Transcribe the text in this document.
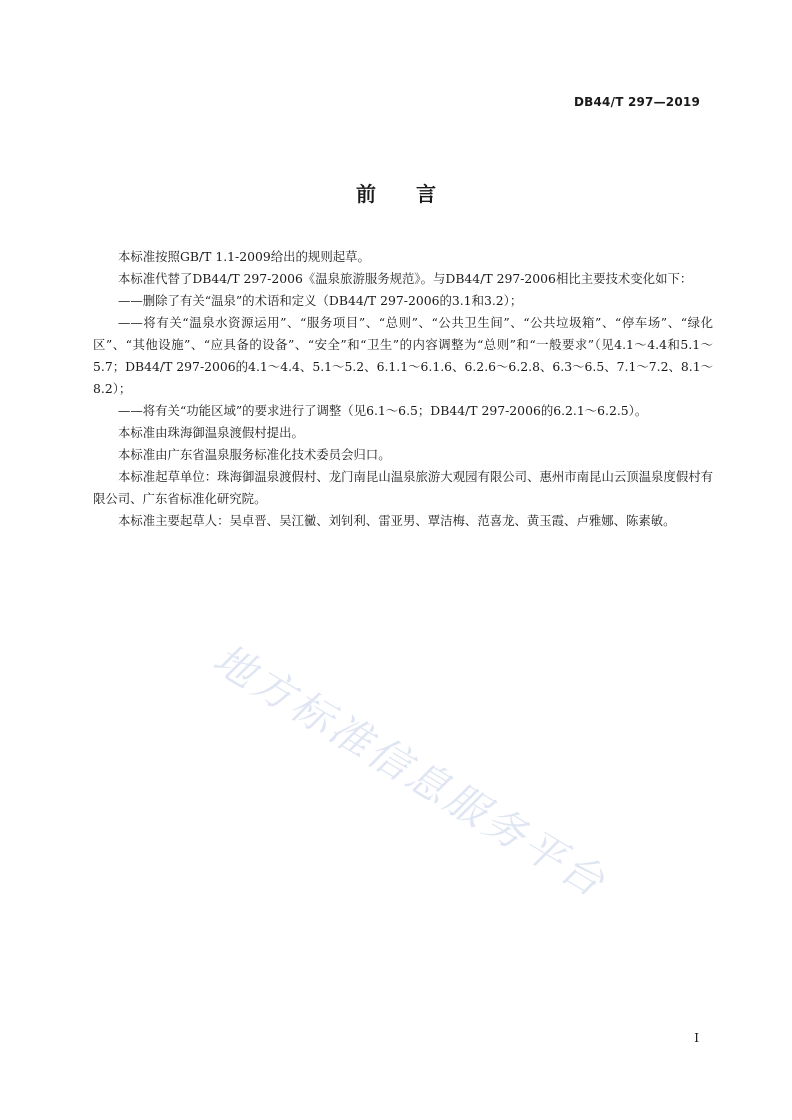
DB44/T 297—2019
前言

本标准按照GB/T 1.1-2009给出的规则起草。

本标准代替了DB44/T 297-2006《温泉旅游服务规范》。与DB44/T 297-2006相比主要技术变化如下：

——删除了有关“温泉”的术语和定义（DB44/T 297-2006的3.1和3.2）；

——将有关“温泉水资源运用”、“服务项目”、“总则”、“公共卫生间”、“公共垃圾箱”、“停车场”、“绿化区”、“其他设施”、“应具备的设备”、“安全”和“卫生”的内容调整为“总则”和“一般要求”（见4.1～4.4和5.1～5.7；DB44/T 297-2006的4.1～4.4、5.1～5.2、6.1.1～6.1.6、6.2.6～6.2.8、6.3～6.5、7.1～7.2、8.1～8.2）；

——将有关“功能区域”的要求进行了调整（见6.1～6.5；DB44/T 297-2006的6.2.1～6.2.5）。

本标准由珠海御温泉渡假村提出。

本标准由广东省温泉服务标准化技术委员会归口。

本标准起草单位：珠海御温泉渡假村、龙门南昆山温泉旅游大观园有限公司、惠州市南昆山云顶温泉度假村有限公司、广东省标准化研究院。

本标准主要起草人：吴卓晋、吴江黴、刘钊利、雷亚男、覃洁梅、范喜龙、黄玉霞、卢雅娜、陈素敏。

地方标准信息服务平台
I
